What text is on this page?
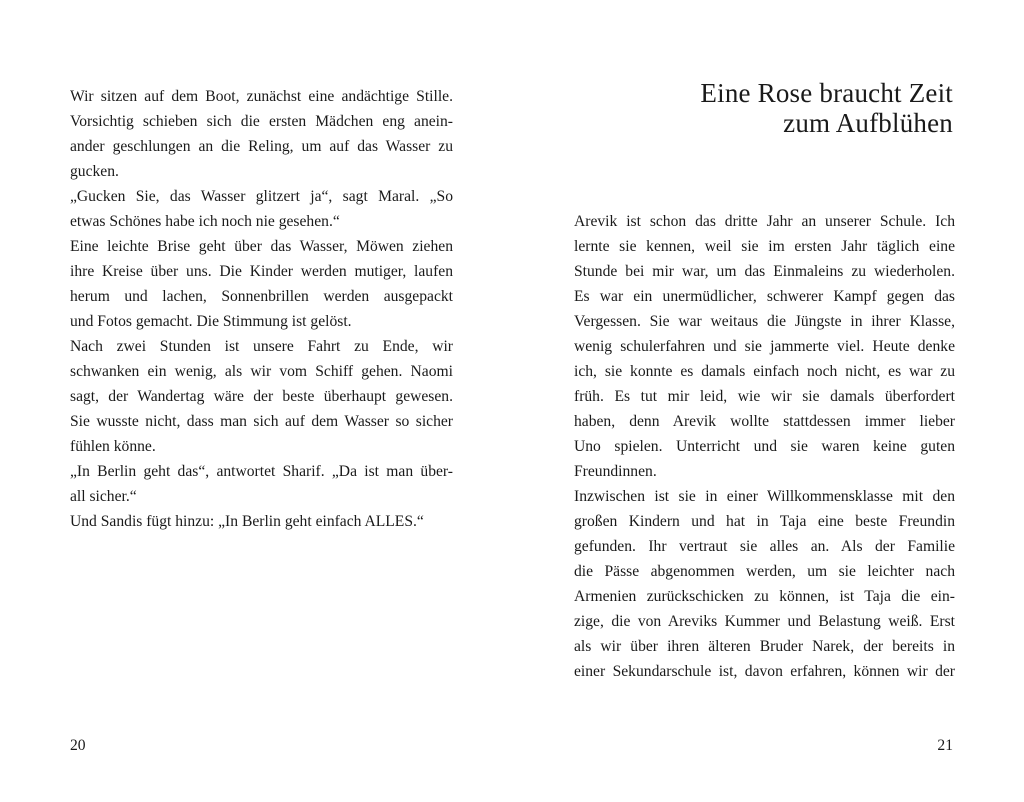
Wir sitzen auf dem Boot, zunächst eine andächtige Stille.
Vorsichtig schieben sich die ersten Mädchen eng anein-
ander geschlungen an die Reling, um auf das Wasser zu
gucken.
„Gucken Sie, das Wasser glitzert ja“, sagt Maral. „So
etwas Schönes habe ich noch nie gesehen.“
Eine leichte Brise geht über das Wasser, Möwen ziehen
ihre Kreise über uns. Die Kinder werden mutiger, laufen
herum und lachen, Sonnenbrillen werden ausgepackt
und Fotos gemacht. Die Stimmung ist gelöst.
Nach zwei Stunden ist unsere Fahrt zu Ende, wir
schwanken ein wenig, als wir vom Schiff gehen. Naomi
sagt, der Wandertag wäre der beste überhaupt gewesen.
Sie wusste nicht, dass man sich auf dem Wasser so sicher
fühlen könne.
„In Berlin geht das“, antwortet Sharif. „Da ist man über-
all sicher.“
Und Sandis fügt hinzu: „In Berlin geht einfach ALLES.“
20
Eine Rose braucht Zeit
zum Aufblühen
Arevik ist schon das dritte Jahr an unserer Schule. Ich
lernte sie kennen, weil sie im ersten Jahr täglich eine
Stunde bei mir war, um das Einmaleins zu wiederholen.
Es war ein unermüdlicher, schwerer Kampf gegen das
Vergessen. Sie war weitaus die Jüngste in ihrer Klasse,
wenig schulerfahren und sie jammerte viel. Heute denke
ich, sie konnte es damals einfach noch nicht, es war zu
früh. Es tut mir leid, wie wir sie damals überfordert
haben, denn Arevik wollte stattdessen immer lieber
Uno spielen. Unterricht und sie waren keine guten
Freundinnen.
Inzwischen ist sie in einer Willkommensklasse mit den
großen Kindern und hat in Taja eine beste Freundin
gefunden. Ihr vertraut sie alles an. Als der Familie
die Pässe abgenommen werden, um sie leichter nach
Armenien zurückschicken zu können, ist Taja die ein-
zige, die von Areviks Kummer und Belastung weiß. Erst
als wir über ihren älteren Bruder Narek, der bereits in
einer Sekundarschule ist, davon erfahren, können wir der
21
